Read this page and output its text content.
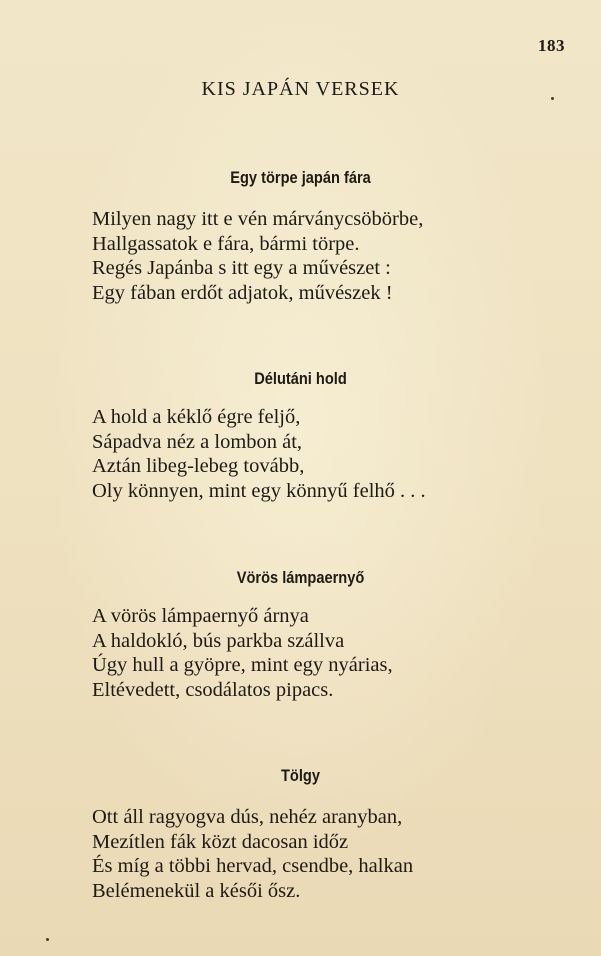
183
KIS JAPÁN VERSEK
Egy törpe japán fára
Milyen nagy itt e vén márványcsöbörbe,
Hallgassatok e fára, bármi törpe.
Regés Japánba s itt egy a művészet :
Egy fában erdőt adjatok, művészek !
Délutáni hold
A hold a kéklő égre feljő,
Sápadva néz a lombon át,
Aztán libeg-lebeg tovább,
Oly könnyen, mint egy könnyű felhő . . .
Vörös lámpaernyő
A vörös lámpaernyő árnya
A haldokló, bús parkba szállva
Úgy hull a gyöpre, mint egy nyárias,
Eltévedett, csodálatos pipacs.
Tölgy
Ott áll ragyogva dús, nehéz aranyban,
Mezítlen fák közt dacosan időz
És míg a többi hervad, csendbe, halkan
Belémenekül a késői ősz.
